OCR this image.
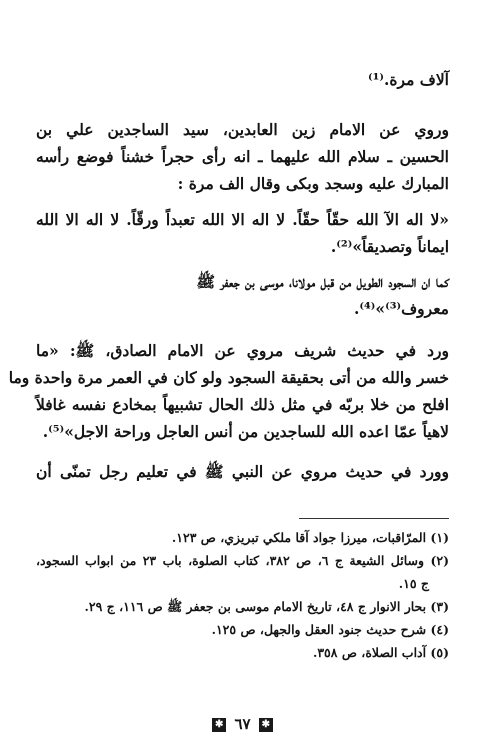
آلاف مرة.⁽¹⁾
وروي عن الامام زين العابدين، سيد الساجدين علي بن
الحسين ـ سلام الله عليهما ـ انه رأى حجراً خشناً فوضع رأسه
المبارك عليه وسجد وبكى وقال الف مرة :
«لا اله الآ الله حقّاً حقّاً. لا اله الا الله تعبداً ورقّاً. لا اله الا الله
ايماناً وتصديقاً»⁽²⁾.
كما ان السجود الطويل من قبل مولانا، موسى بن جعفر ﷺ
معروف⁽³⁾»⁽⁴⁾.
ورد في حديث شريف مروي عن الامام الصادق، ﷺ: «ما
خسر والله من أتى بحقيقة السجود ولو كان في العمر مرة واحدة وما
افلح من خلا بربّه في مثل ذلك الحال تشبيهاً بمخادع نفسه غافلاً
لاهياً عمّا اعده الله للساجدين من أنس العاجل وراحة الاجل»⁽⁵⁾.
وورد في حديث مروي عن النبي ﷺ في تعليم رجل تمنّى أن
(١) المرّاقبات، ميرزا جواد آقا ملكي تبريزي، ص ١٢٣.
(٢) وسائل الشيعة ج ٦، ص ٣٨٢، كتاب الصلوة، باب ٢٣ من ابواب السجود،
ج ١٥.
(٣) بحار الانوار ج ٤٨، تاريخ الامام موسى بن جعفر ﷺ ص ١١٦، ج ٢٩.
(٤) شرح حديث جنود العقل والجهل، ص ١٢٥.
(٥) آداب الصلاة، ص ٣٥٨.
✱ ٦٧ ✱
